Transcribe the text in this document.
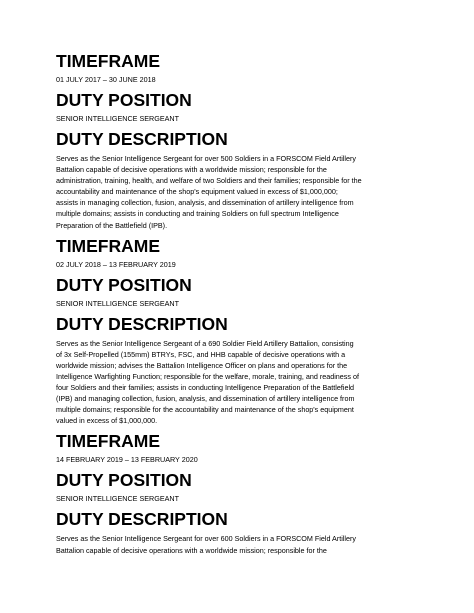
TIMEFRAME
01 JULY 2017 – 30 JUNE 2018
DUTY POSITION
SENIOR INTELLIGENCE SERGEANT
DUTY DESCRIPTION
Serves as the Senior Intelligence Sergeant for over 500 Soldiers in a FORSCOM Field Artillery
Battalion capable of decisive operations with a worldwide mission; responsible for the
administration, training, health, and welfare of two Soldiers and their families; responsible for the
accountability and maintenance of the shop's equipment valued in excess of $1,000,000;
assists in managing collection, fusion, analysis, and dissemination of artillery intelligence from
multiple domains; assists in conducting and training Soldiers on full spectrum Intelligence
Preparation of the Battlefield (IPB).
TIMEFRAME
02 JULY 2018 – 13 FEBRUARY 2019
DUTY POSITION
SENIOR INTELLIGENCE SERGEANT
DUTY DESCRIPTION
Serves as the Senior Intelligence Sergeant of a 690 Soldier Field Artillery Battalion, consisting
of 3x Self-Propelled (155mm) BTRYs, FSC, and HHB capable of decisive operations with a
worldwide mission; advises the Battalion Intelligence Officer on plans and operations for the
Intelligence Warfighting Function; responsible for the welfare, morale, training, and readiness of
four Soldiers and their families; assists in conducting Intelligence Preparation of the Battlefield
(IPB) and managing collection, fusion, analysis, and dissemination of artillery intelligence from
multiple domains; responsible for the accountability and maintenance of the shop's equipment
valued in excess of $1,000,000.
TIMEFRAME
14 FEBRUARY 2019 – 13 FEBRUARY 2020
DUTY POSITION
SENIOR INTELLIGENCE SERGEANT
DUTY DESCRIPTION
Serves as the Senior Intelligence Sergeant for over 600 Soldiers in a FORSCOM Field Artillery
Battalion capable of decisive operations with a worldwide mission; responsible for the
